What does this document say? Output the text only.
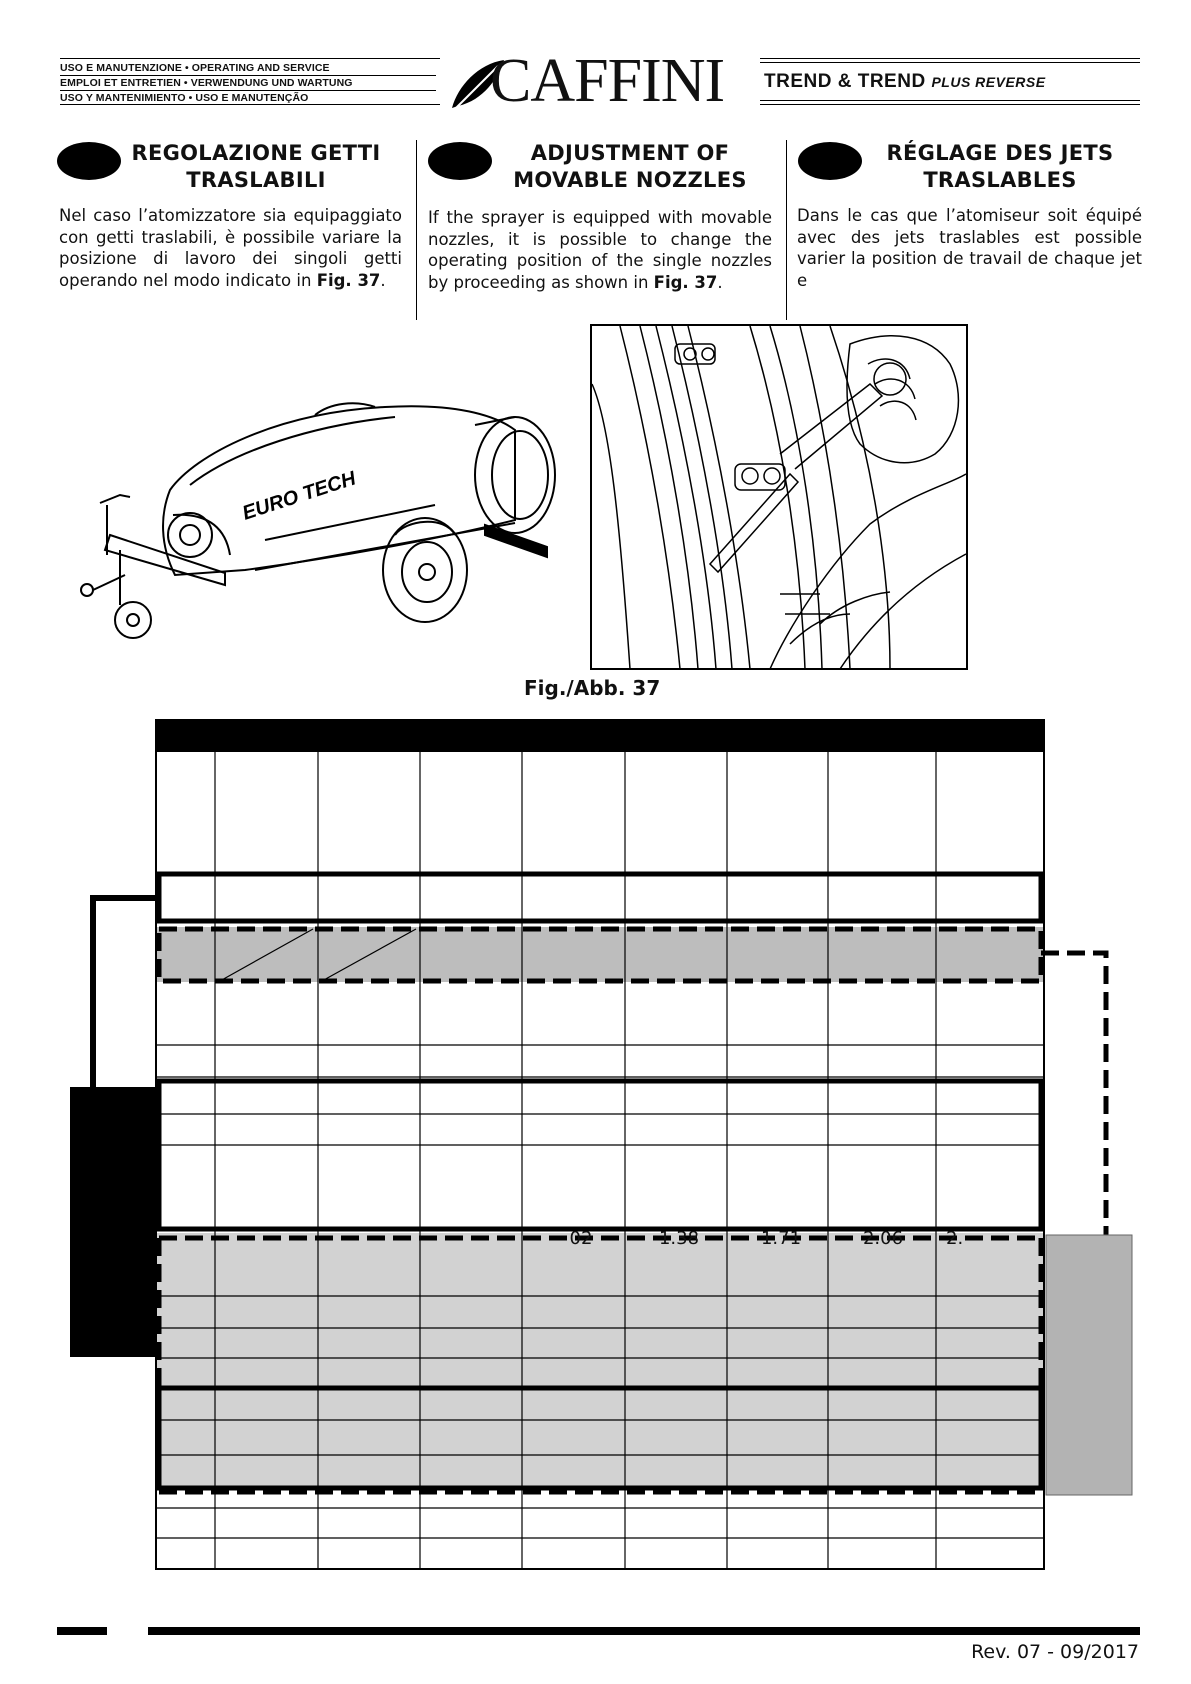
USO E MANUTENZIONE • OPERATING AND SERVICE
EMPLOI ET ENTRETIEN • VERWENDUNG UND WARTUNG
USO Y MANTENIMIENTO • USO E MANUTENÇÃO	CAFFINI TREND & TREND PLUS REVERSE
REGOLAZIONE GETTI TRASLABILI
Nel caso l’atomizzatore sia equipaggiato con getti traslabili, è possibile variare la posizione di lavoro dei singoli getti operando nel modo indicato in Fig. 37.
ADJUSTMENT OF MOVABLE NOZZLES
If the sprayer is equipped with movable nozzles, it is possible to change the operating position of the single nozzles by proceeding as shown in Fig. 37.
RÉGLAGE DES JETS TRASLABLES
Dans le cas que l’atomiseur soit équipé avec des jets traslables est possible varier la position de travail de chaque jet e
EURO TECH
Fig./Abb. 37
02	1.38	1.71	2.06	2.
Rev. 07 - 09/2017
